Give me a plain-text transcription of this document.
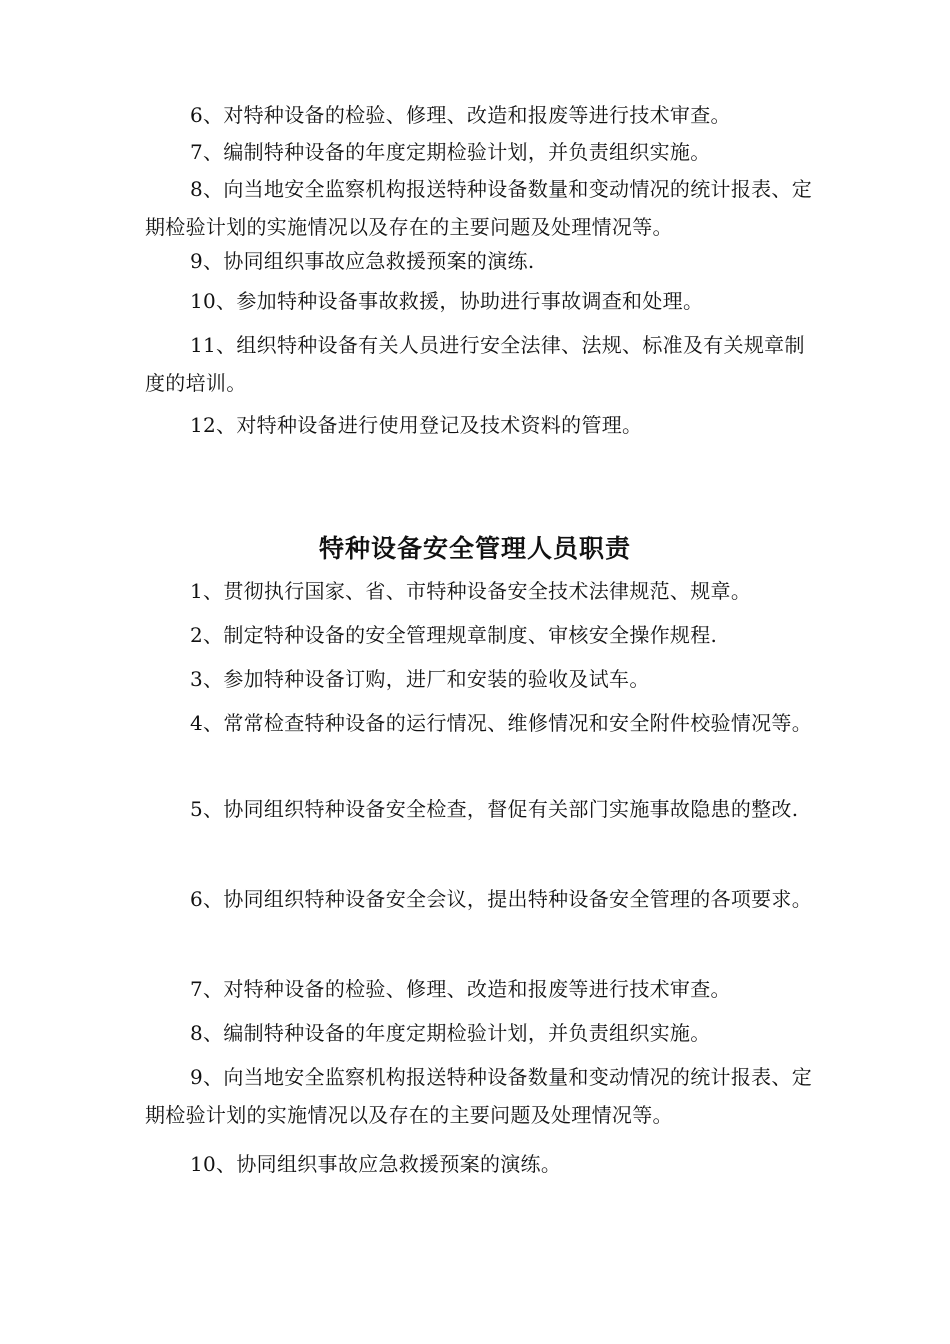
6、对特种设备的检验、修理、改造和报废等进行技术审查。

7、编制特种设备的年度定期检验计划，并负责组织实施。

8、向当地安全监察机构报送特种设备数量和变动情况的统计报表、定期检验计划的实施情况以及存在的主要问题及处理情况等。

9、协同组织事故应急救援预案的演练.

10、参加特种设备事故救援，协助进行事故调查和处理。

11、组织特种设备有关人员进行安全法律、法规、标准及有关规章制度的培训。

12、对特种设备进行使用登记及技术资料的管理。

特种设备安全管理人员职责

1、贯彻执行国家、省、市特种设备安全技术法律规范、规章。

2、制定特种设备的安全管理规章制度、审核安全操作规程.

3、参加特种设备订购，进厂和安装的验收及试车。

4、常常检查特种设备的运行情况、维修情况和安全附件校验情况等。

5、协同组织特种设备安全检查，督促有关部门实施事故隐患的整改.

6、协同组织特种设备安全会议，提出特种设备安全管理的各项要求。

7、对特种设备的检验、修理、改造和报废等进行技术审查。

8、编制特种设备的年度定期检验计划，并负责组织实施。

9、向当地安全监察机构报送特种设备数量和变动情况的统计报表、定期检验计划的实施情况以及存在的主要问题及处理情况等。

10、协同组织事故应急救援预案的演练。
